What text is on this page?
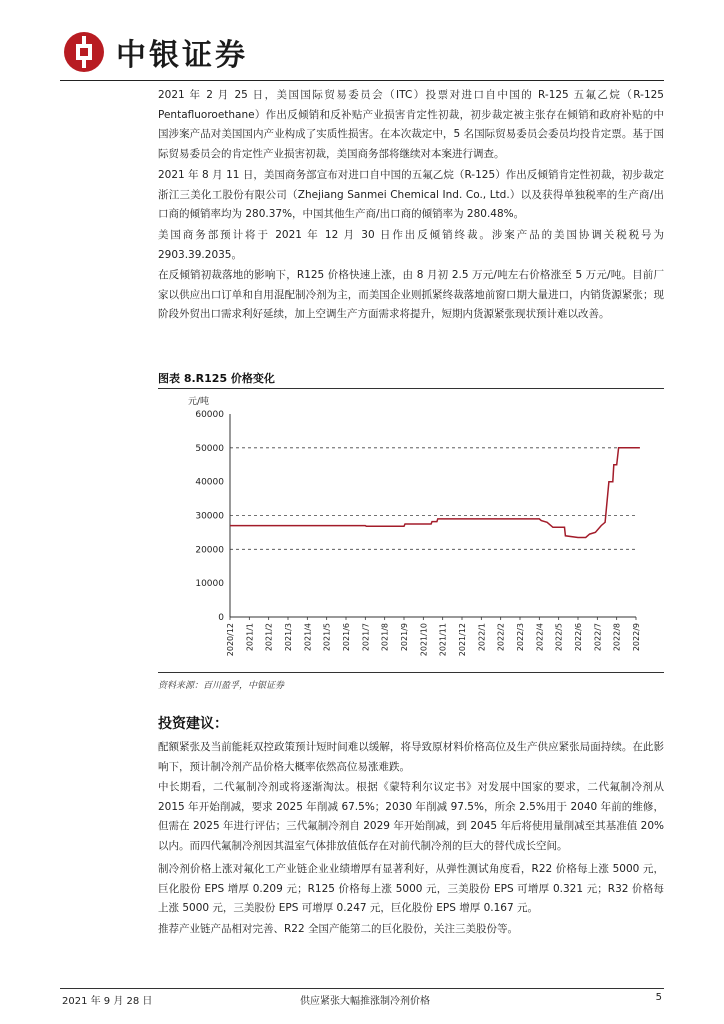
中银证券
2021 年 2 月 25 日，美国国际贸易委员会（ITC）投票对进口自中国的 R-125 五氟乙烷（R-125 Pentafluoroethane）作出反倾销和反补贴产业损害肯定性初裁，初步裁定被主张存在倾销和政府补贴的中国涉案产品对美国国内产业构成了实质性损害。在本次裁定中，5 名国际贸易委员会委员均投肯定票。基于国际贸易委员会的肯定性产业损害初裁，美国商务部将继续对本案进行调查。
2021 年 8 月 11 日，美国商务部宣布对进口自中国的五氟乙烷（R-125）作出反倾销肯定性初裁，初步裁定浙江三美化工股份有限公司（Zhejiang Sanmei Chemical Ind. Co., Ltd.）以及获得单独税率的生产商/出口商的倾销率均为 280.37%，中国其他生产商/出口商的倾销率为 280.48%。
美国商务部预计将于 2021 年 12 月 30 日作出反倾销终裁。涉案产品的美国协调关税税号为 2903.39.2035。
在反倾销初裁落地的影响下，R125 价格快速上涨，由 8 月初 2.5 万元/吨左右价格涨至 5 万元/吨。目前厂家以供应出口订单和自用混配制冷剂为主，而美国企业则抓紧终裁落地前窗口期大量进口，内销货源紧张；现阶段外贸出口需求利好延续，加上空调生产方面需求将提升，短期内货源紧张现状预计难以改善。
图表 8.R125 价格变化
元/吨
0
10000
20000
30000
40000
50000
60000
2020/12 2021/1 2021/2 2021/3 2021/4 2021/5 2021/6 2021/7 2021/8 2021/9 2021/10 2021/11 2021/12 2022/1 2022/2 2022/3 2022/4 2022/5 2022/6 2022/7 2022/8 2022/9
资料来源：百川盈孚，中银证券
投资建议：
配额紧张及当前能耗双控政策预计短时间难以缓解，将导致原材料价格高位及生产供应紧张局面持续。在此影响下，预计制冷剂产品价格大概率依然高位易涨难跌。
中长期看，二代氟制冷剂或将逐渐淘汰。根据《蒙特利尔议定书》对发展中国家的要求，二代氟制冷剂从 2015 年开始削减，要求 2025 年削减 67.5%；2030 年削减 97.5%，所余 2.5%用于 2040 年前的维修，但需在 2025 年进行评估；三代氟制冷剂自 2029 年开始削减，到 2045 年后将使用量削减至其基准值 20%以内。而四代氟制冷剂因其温室气体排放值低存在对前代制冷剂的巨大的替代成长空间。
制冷剂价格上涨对氟化工产业链企业业绩增厚有显著利好，从弹性测试角度看，R22 价格每上涨 5000 元，巨化股份 EPS 增厚 0.209 元；R125 价格每上涨 5000 元，三美股份 EPS 可增厚 0.321 元；R32 价格每上涨 5000 元，三美股份 EPS 可增厚 0.247 元，巨化股份 EPS 增厚 0.167 元。
推荐产业链产品相对完善、R22 全国产能第二的巨化股份，关注三美股份等。
2021 年 9 月 28 日	供应紧张大幅推涨制冷剂价格	5
